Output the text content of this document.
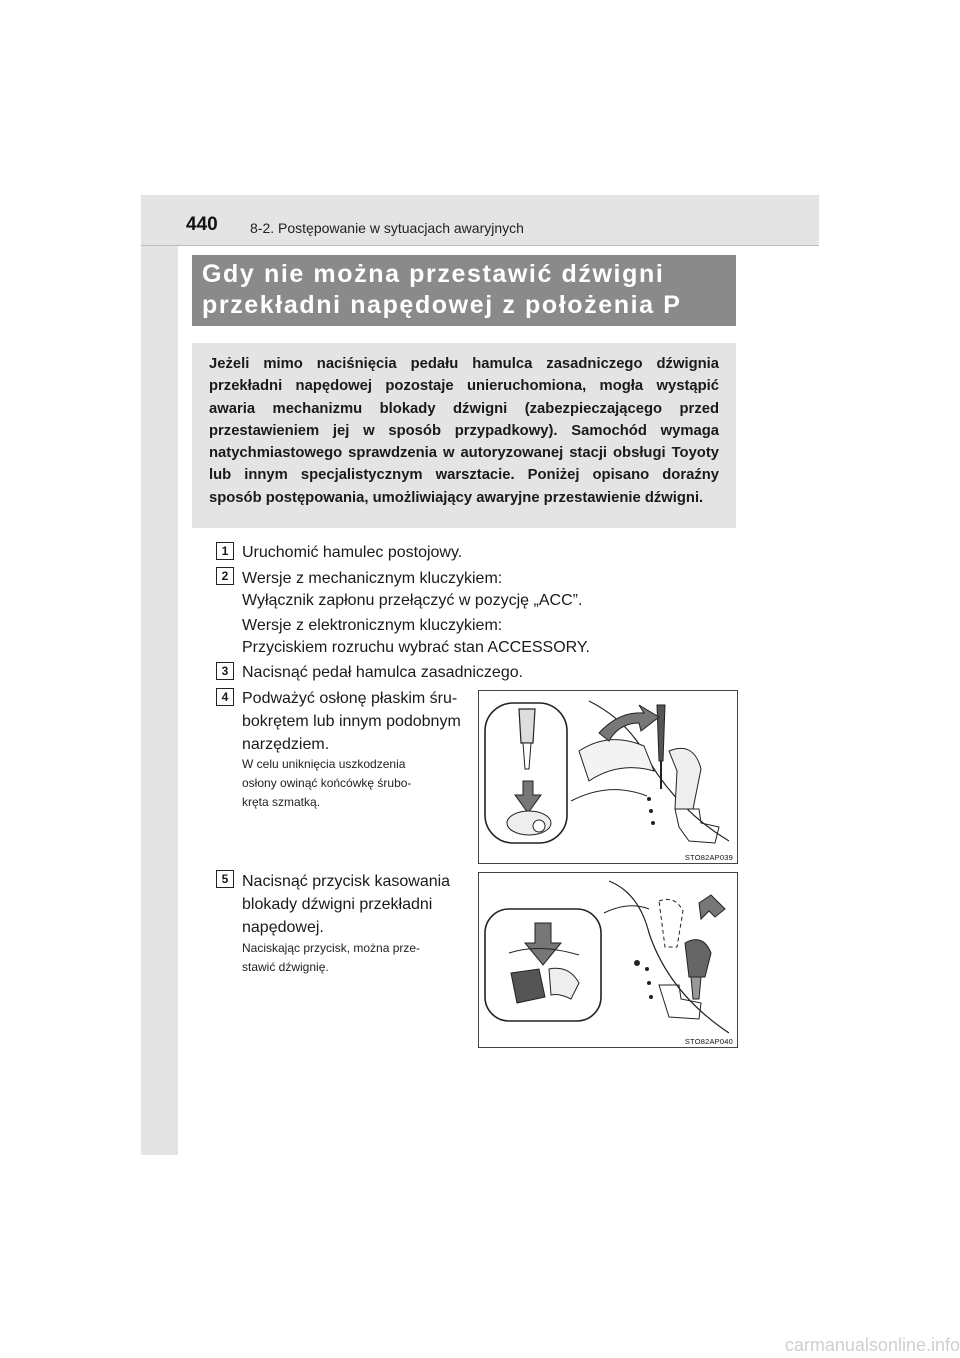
440 8-2. Postępowanie w sytuacjach awaryjnych
Gdy nie można przestawić dźwigni
przekładni napędowej z położenia P

Jeżeli mimo naciśnięcia pedału hamulca zasadniczego dźwignia przekładni napędowej pozostaje unieruchomiona, mogła wystąpić awaria mechanizmu blokady dźwigni (zabezpieczającego przed przestawieniem jej w sposób przypadkowy). Samochód wymaga natychmiastowego sprawdzenia w autoryzowanej stacji obsługi Toyoty lub innym specjalistycznym warsztacie. Poniżej opisano doraźny sposób postępowania, umożliwiający awaryjne przestawienie dźwigni.

1 Uruchomić hamulec postojowy.
2 Wersje z mechanicznym kluczykiem:
Wyłącznik zapłonu przełączyć w pozycję „ACC”.
Wersje z elektronicznym kluczykiem:
Przyciskiem rozruchu wybrać stan ACCESSORY.
3 Nacisnąć pedał hamulca zasadniczego.
4 Podważyć osłonę płaskim śru-
bokrętem lub innym podobnym
narzędziem.
W celu uniknięcia uszkodzenia
osłony owinąć końcówkę śrubo-
kręta szmatką.
STO82AP039
5 Nacisnąć przycisk kasowania
blokady dźwigni przekładni
napędowej.
Naciskając przycisk, można prze-
stawić dźwignię.
STO82AP040
carmanualsonline.info
